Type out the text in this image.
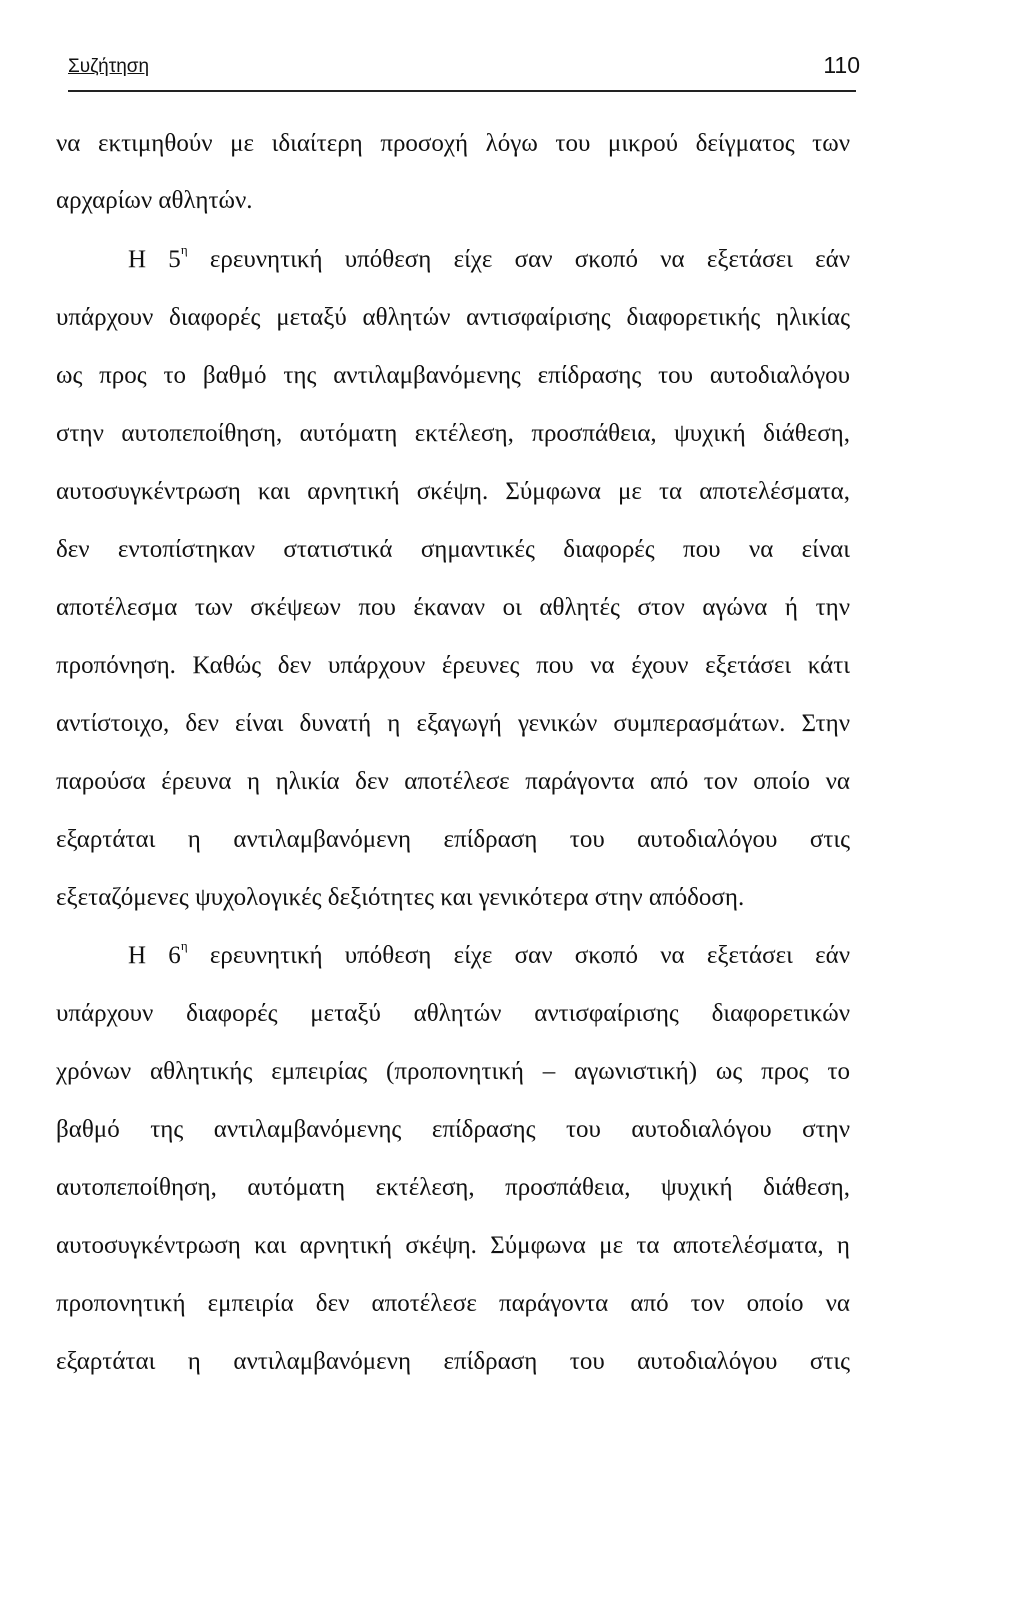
Συζήτηση	110
να εκτιμηθούν με ιδιαίτερη προσοχή λόγω του μικρού δείγματος των
αρχαρίων αθλητών.
Η $5^\eta$ ερευνητική υπόθεση είχε σαν σκοπό να εξετάσει εάν
υπάρχουν διαφορές μεταξύ αθλητών αντισφαίρισης διαφορετικής ηλικίας
ως προς το βαθμό της αντιλαμβανόμενης επίδρασης του αυτοδιαλόγου
στην αυτοπεποίθηση, αυτόματη εκτέλεση, προσπάθεια, ψυχική διάθεση,
αυτοσυγκέντρωση και αρνητική σκέψη. Σύμφωνα με τα αποτελέσματα,
δεν εντοπίστηκαν στατιστικά σημαντικές διαφορές που να είναι
αποτέλεσμα των σκέψεων που έκαναν οι αθλητές στον αγώνα ή την
προπόνηση. Καθώς δεν υπάρχουν έρευνες που να έχουν εξετάσει κάτι
αντίστοιχο, δεν είναι δυνατή η εξαγωγή γενικών συμπερασμάτων. Στην
παρούσα έρευνα η ηλικία δεν αποτέλεσε παράγοντα από τον οποίο να
εξαρτάται η αντιλαμβανόμενη επίδραση του αυτοδιαλόγου στις
εξεταζόμενες ψυχολογικές δεξιότητες και γενικότερα στην απόδοση.
Η $6^\eta$ ερευνητική υπόθεση είχε σαν σκοπό να εξετάσει εάν
υπάρχουν διαφορές μεταξύ αθλητών αντισφαίρισης διαφορετικών
χρόνων αθλητικής εμπειρίας (προπονητική – αγωνιστική) ως προς το
βαθμό της αντιλαμβανόμενης επίδρασης του αυτοδιαλόγου στην
αυτοπεποίθηση, αυτόματη εκτέλεση, προσπάθεια, ψυχική διάθεση,
αυτοσυγκέντρωση και αρνητική σκέψη. Σύμφωνα με τα αποτελέσματα, η
προπονητική εμπειρία δεν αποτέλεσε παράγοντα από τον οποίο να
εξαρτάται η αντιλαμβανόμενη επίδραση του αυτοδιαλόγου στις
